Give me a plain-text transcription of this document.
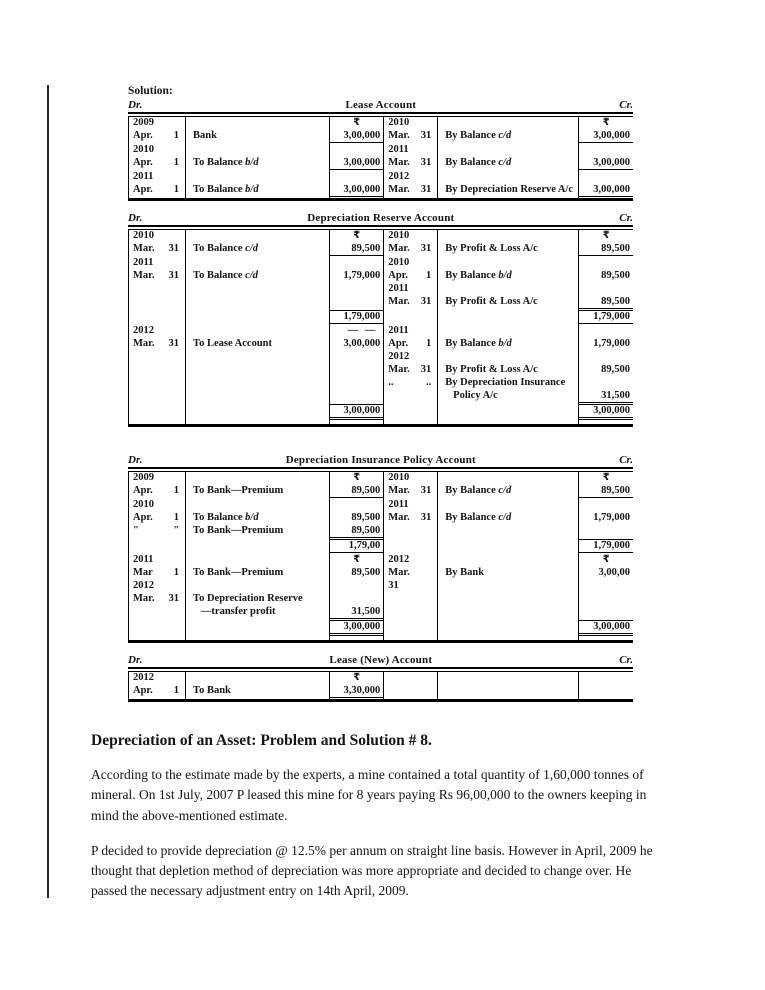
Solution:
Dr.	Lease Account	Cr.
2009		₹	2010		₹

Apr. 1	Bank	3,00,000	Mar. 31	By Balance c/d	3,00,000

2010			2011		
Apr. 1	To Balance b/d	3,00,000	Mar. 31	By Balance c/d	3,00,000

2011			2012		
Apr. 1	To Balance b/d	3,00,000	Mar. 31	By Depreciation Reserve A/c	3,00,000
Dr.	Depreciation Reserve Account	Cr.
2010		₹	2010		₹

Mar. 31	To Balance c/d	89,500	Mar. 31	By Profit & Loss A/c	89,500

2011			2010		
Mar. 31	To Balance c/d	1,79,000	Apr. 1	By Balance b/d	89,500

			2011		
			Mar. 31	By Profit & Loss A/c	89,500

		1,79,000			1,79,000

2012		— —	2011		
Mar. 31	To Lease Account	3,00,000	Apr. 1	By Balance b/d	1,79,000

			2012		
			Mar. 31	By Profit & Loss A/c	89,500

			.. ..	By Depreciation Insurance	
				Policy A/c	31,500

		3,00,000			3,00,000
Dr.	Depreciation Insurance Policy Account	Cr.
2009		₹	2010		₹

Apr. 1	To Bank—Premium	89,500	Mar. 31	By Balance c/d	89,500

2010			2011		
Apr. 1	To Balance b/d	89,500	Mar. 31	By Balance c/d	1,79,000

" "	To Bank—Premium	89,500			

		1,79,00			1,79,000

2011		₹	2012		₹

Mar 1	To Bank—Premium	89,500	Mar.	By Bank	3,00,00

2012			31		
Mar. 31	To Depreciation Reserve				
	—transfer profit	31,500			

		3,00,000			3,00,000
Dr.	Lease (New) Account	Cr.
2012		₹			

Apr. 1	To Bank	3,30,000			

Depreciation of an Asset: Problem and Solution # 8.

According to the estimate made by the experts, a mine contained a total quantity of 1,60,000 tonnes of mineral. On 1st July, 2007 P leased this mine for 8 years paying Rs 96,00,000 to the owners keeping in mind the above-mentioned estimate.

P decided to provide depreciation @ 12.5% per annum on straight line basis. However in April, 2009 he thought that depletion method of depreciation was more appropriate and decided to change over. He passed the necessary adjustment entry on 14th April, 2009.
